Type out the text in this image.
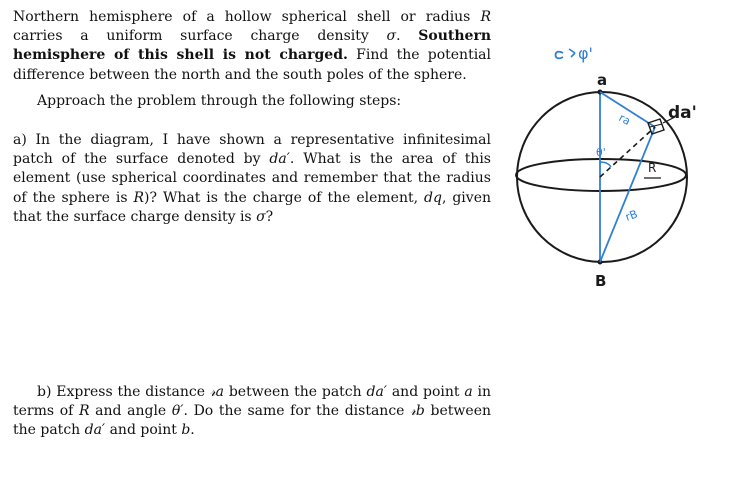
Northern hemisphere of a hollow spherical shell or radius R carries a uniform surface charge density σ. Southern hemisphere of this shell is not charged. Find the potential difference between the north and the south poles of the sphere.

Approach the problem through the following steps:

a) In the diagram, I have shown a representative infinitesimal patch of the surface denoted by da′. What is the area of this element (use spherical coordinates and remember that the radius of the sphere is R)? What is the charge of the element, dq, given that the surface charge density is σ?

b) Express the distance 𝓇a between the patch da′ and point a in terms of R and angle θ′. Do the same for the distance 𝓇b between the patch da′ and point b.

φ'
a
ra
rB
R
θ'
da'
B
